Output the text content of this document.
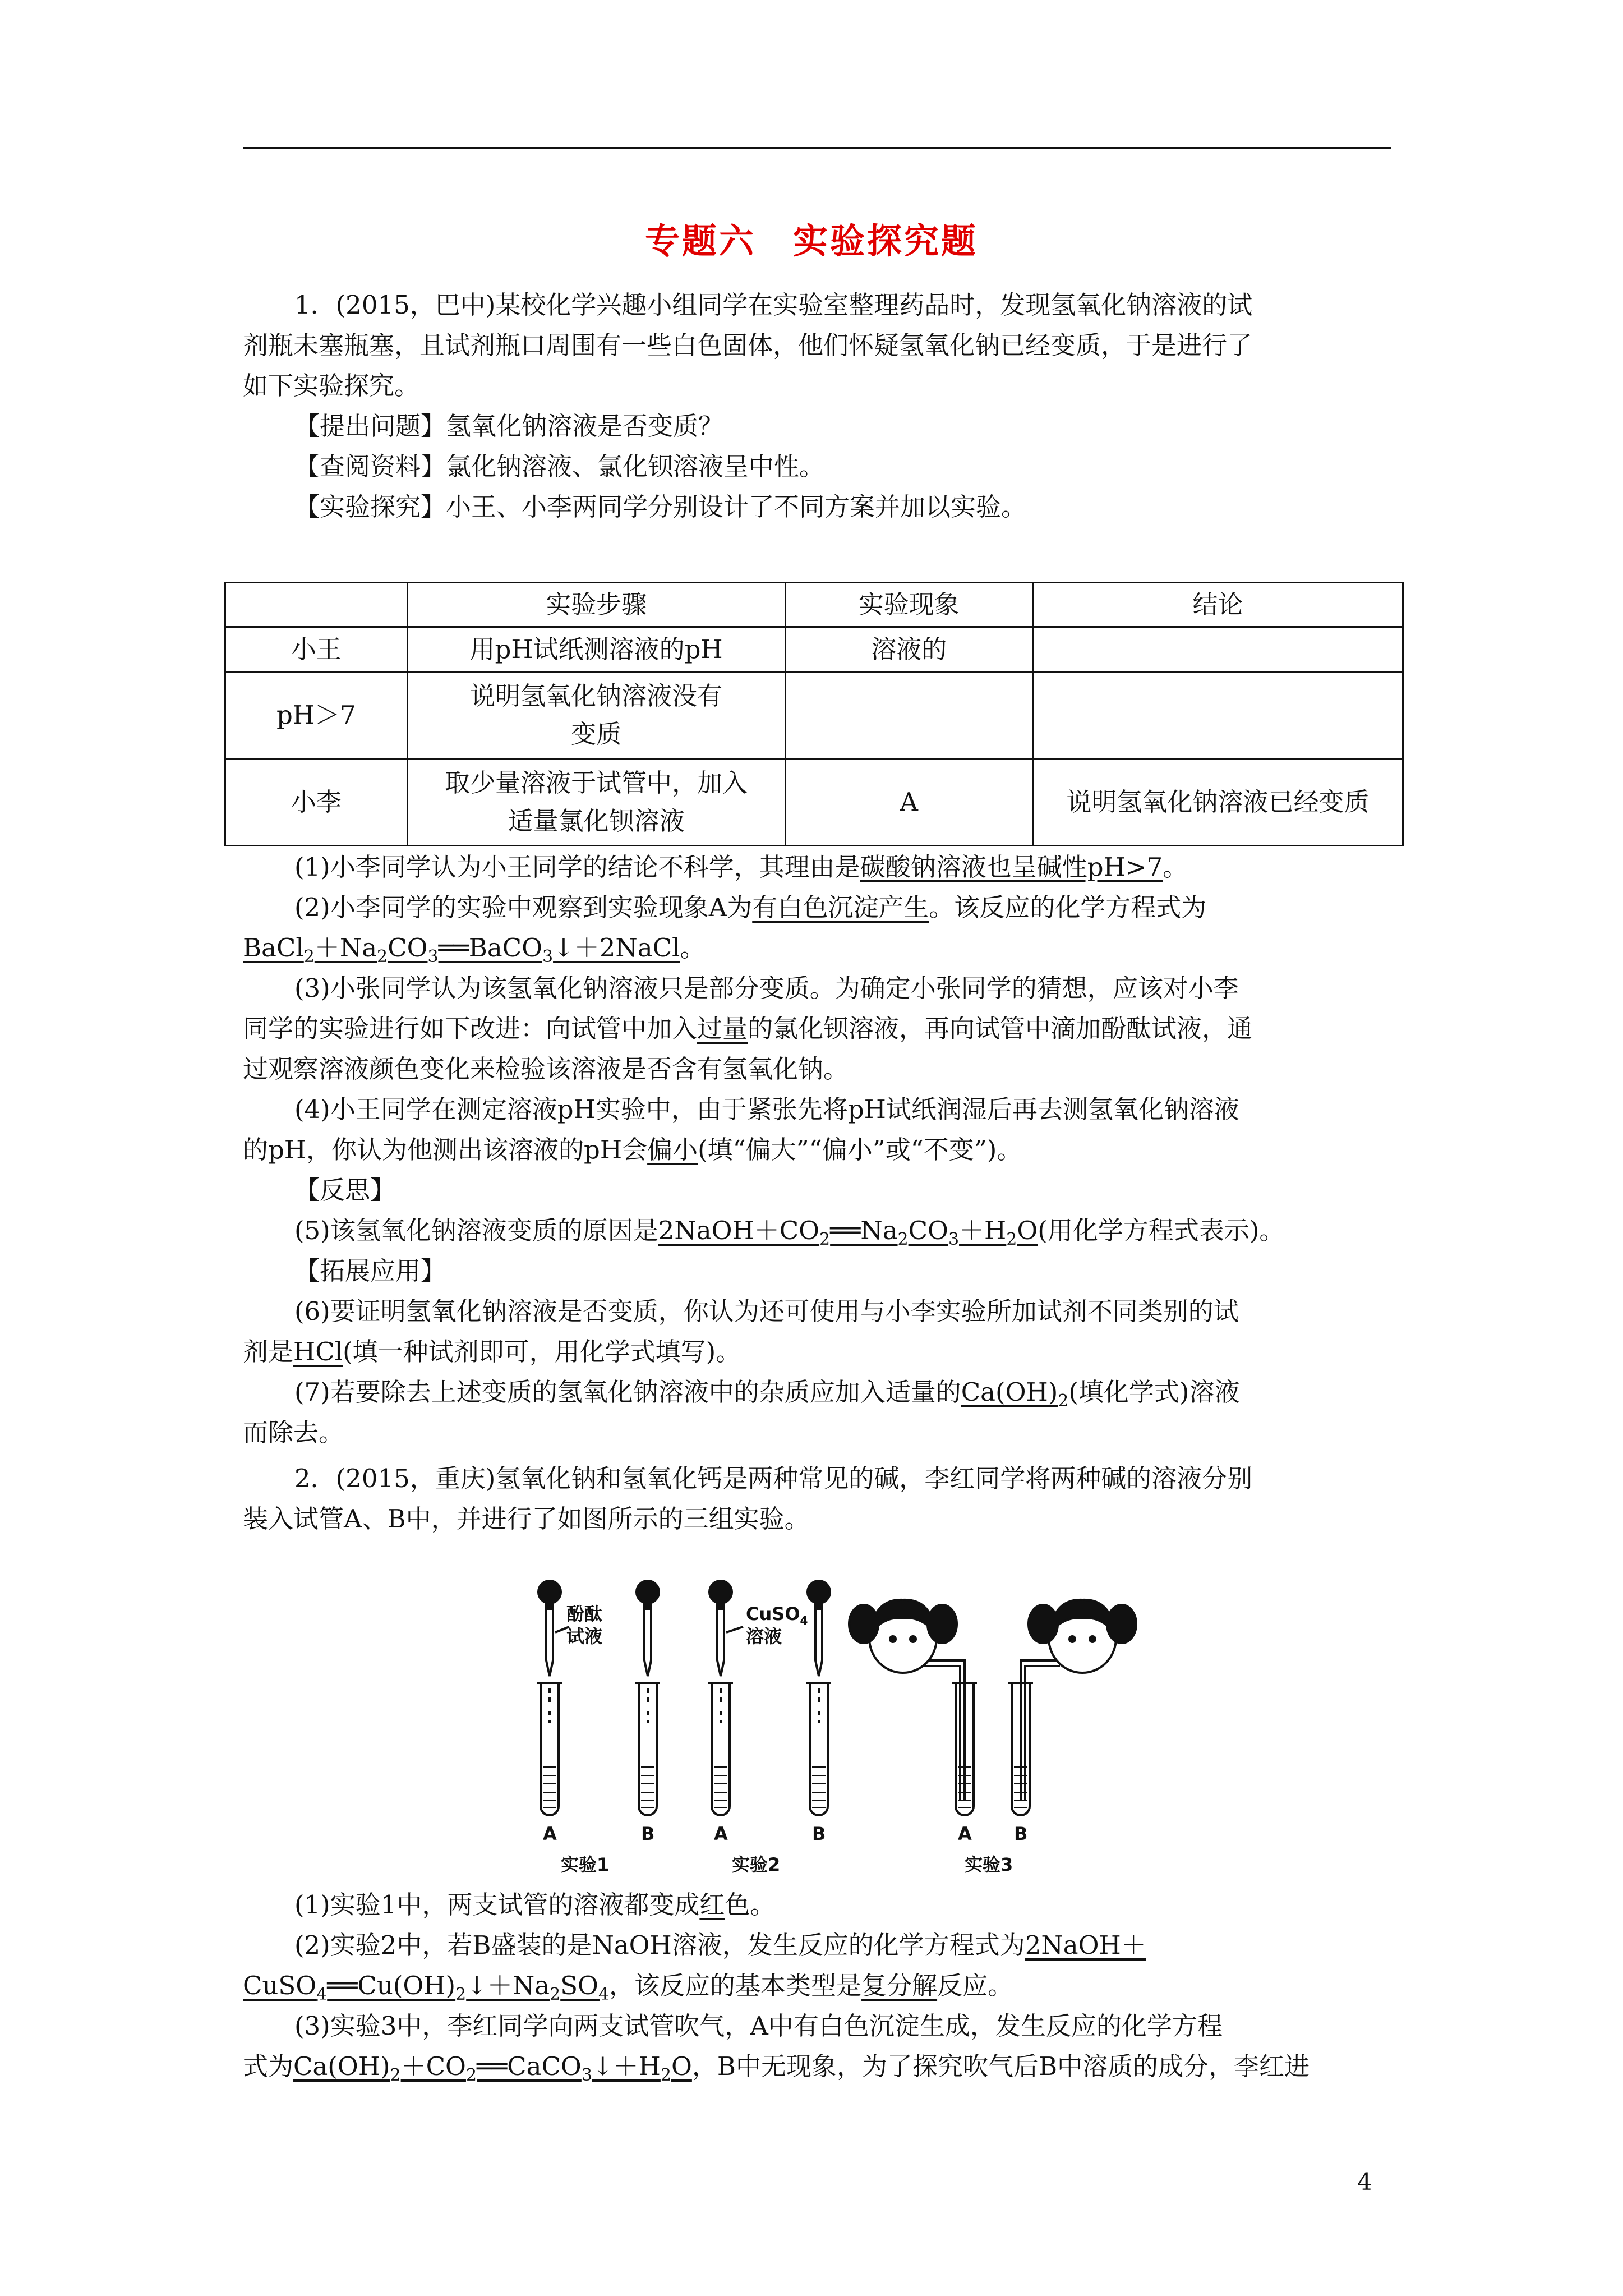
专题六　实验探究题
1．(2015，巴中)某校化学兴趣小组同学在实验室整理药品时，发现氢氧化钠溶液的试
剂瓶未塞瓶塞，且试剂瓶口周围有一些白色固体，他们怀疑氢氧化钠已经变质，于是进行了
如下实验探究。
【提出问题】氢氧化钠溶液是否变质？
【查阅资料】氯化钠溶液、氯化钡溶液呈中性。
【实验探究】小王、小李两同学分别设计了不同方案并加以实验。
	实验步骤	实验现象	结论
小王	用pH试纸测溶液的pH	溶液的	
pH＞7	说明氢氧化钠溶液没有
变质		
小李	取少量溶液于试管中，加入
适量氯化钡溶液	A	说明氢氧化钠溶液已经变质
(1)小李同学认为小王同学的结论不科学，其理由是碳酸钠溶液也呈碱性pH>7。
(2)小李同学的实验中观察到实验现象A为有白色沉淀产生。该反应的化学方程式为
$BaCl_2+Na_2CO_3══BaCO_3↓+2NaCl$。
(3)小张同学认为该氢氧化钠溶液只是部分变质。为确定小张同学的猜想，应该对小李
同学的实验进行如下改进：向试管中加入过量的氯化钡溶液，再向试管中滴加酚酞试液，通
过观察溶液颜色变化来检验该溶液是否含有氢氧化钠。
(4)小王同学在测定溶液pH实验中，由于紧张先将pH试纸润湿后再去测氢氧化钠溶液
的pH，你认为他测出该溶液的pH会偏小(填“偏大”“偏小”或“不变”)。
【反思】
(5)该氢氧化钠溶液变质的原因是$2NaOH+CO_2══Na_2CO_3+H_2O$(用化学方程式表示)。
【拓展应用】
(6)要证明氢氧化钠溶液是否变质，你认为还可使用与小李实验所加试剂不同类别的试
剂是HCl(填一种试剂即可，用化学式填写)。
(7)若要除去上述变质的氢氧化钠溶液中的杂质应加入适量的$Ca(OH)_2$(填化学式)溶液
而除去。
2．(2015，重庆)氢氧化钠和氢氧化钙是两种常见的碱，李红同学将两种碱的溶液分别
装入试管A、B中，并进行了如图所示的三组实验。
酚酞
试液
CuSO$_4$
溶液
A	B	A	B	A B
实验1	实验2	实验3
(1)实验1中，两支试管的溶液都变成红色。
(2)实验2中，若B盛装的是NaOH溶液，发生反应的化学方程式为2NaOH＋
$CuSO_4══Cu(OH)_2↓+Na_2SO_4$，该反应的基本类型是复分解反应。
(3)实验3中，李红同学向两支试管吹气，A中有白色沉淀生成，发生反应的化学方程
式为$Ca(OH)_2+CO_2══CaCO_3↓+H_2O$，B中无现象，为了探究吹气后B中溶质的成分，李红进
4
